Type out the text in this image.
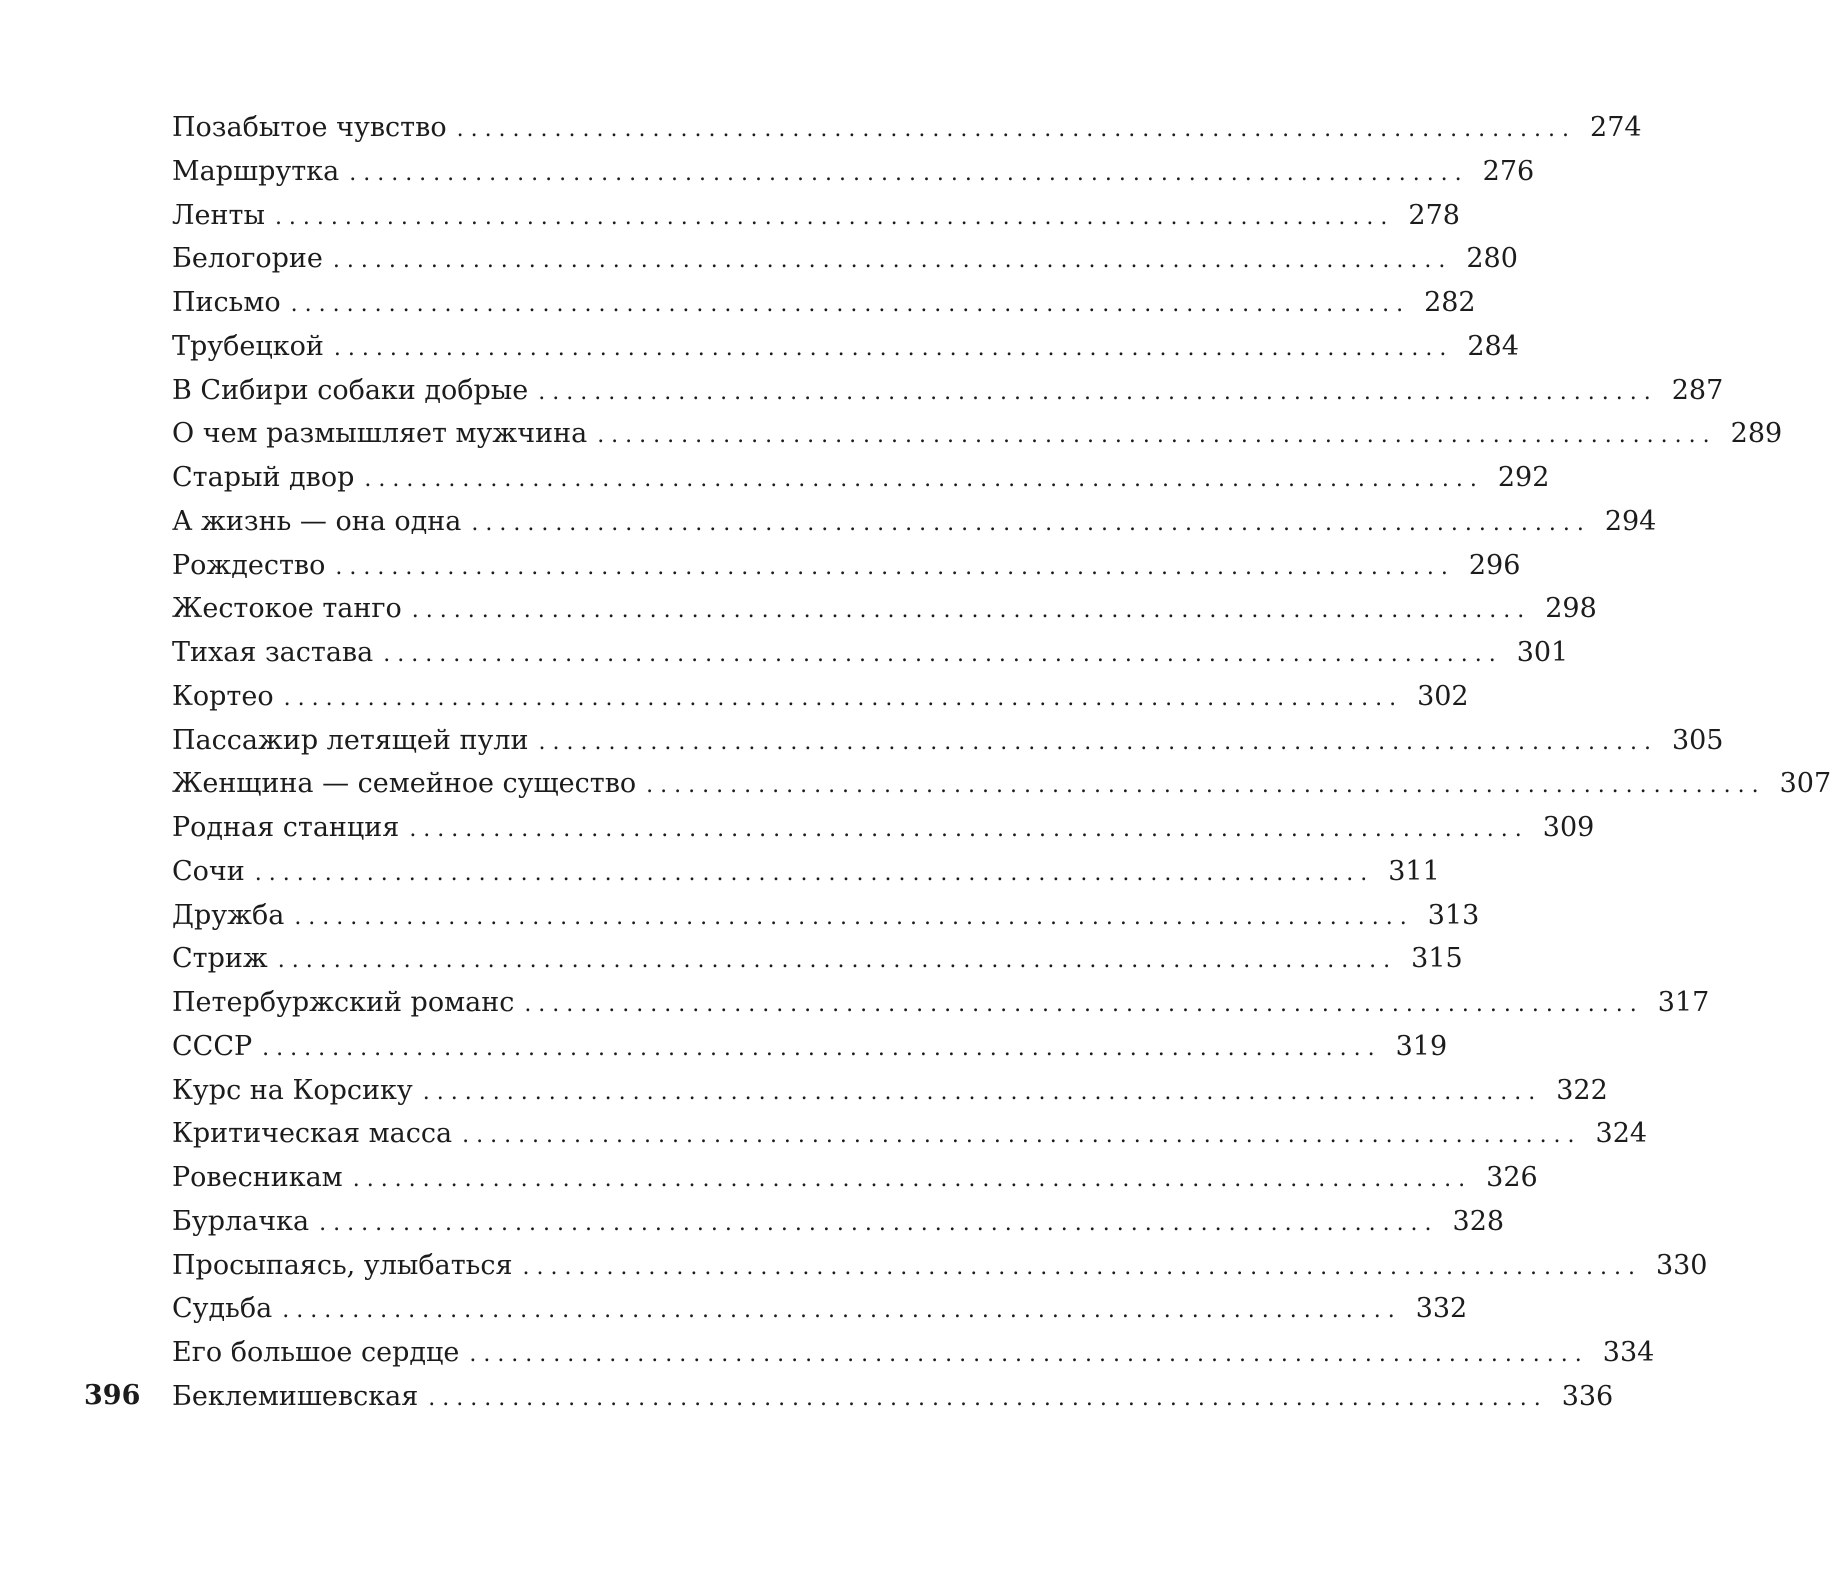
Позабытое чувство ................................................................................ 274
Маршрутка ................................................................................ 276
Ленты ................................................................................ 278
Белогорие ................................................................................ 280
Письмо ................................................................................ 282
Трубецкой ................................................................................ 284
В Сибири собаки добрые ................................................................................ 287
О чем размышляет мужчина ................................................................................ 289
Старый двор ................................................................................ 292
А жизнь — она одна ................................................................................ 294
Рождество ................................................................................ 296
Жестокое танго ................................................................................ 298
Тихая застава ................................................................................ 301
Кортео ................................................................................ 302
Пассажир летящей пули ................................................................................ 305
Женщина — семейное существо ................................................................................ 307
Родная станция ................................................................................ 309
Сочи ................................................................................ 311
Дружба ................................................................................ 313
Стриж ................................................................................ 315
Петербуржский романс ................................................................................ 317
СССР ................................................................................ 319
Курс на Корсику ................................................................................ 322
Критическая масса ................................................................................ 324
Ровесникам ................................................................................ 326
Бурлачка ................................................................................ 328
Просыпаясь, улыбаться ................................................................................ 330
Судьба ................................................................................ 332
Его большое сердце ................................................................................ 334
Беклемишевская ................................................................................ 336
396
